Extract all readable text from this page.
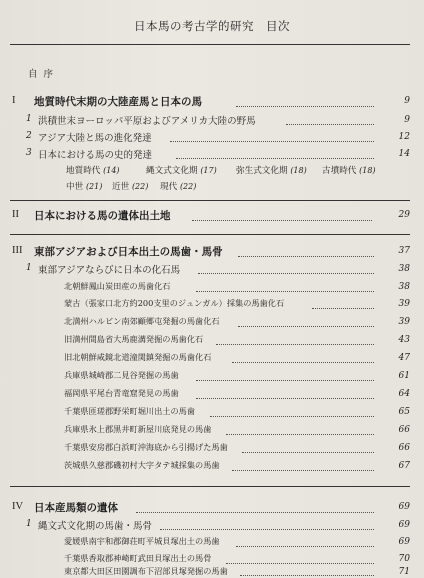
日本馬の考古学的研究　目次
自序
I 地質時代末期の大陸産馬と日本の馬	9
1 洪積世末ヨーロッパ平原およびアメリカ大陸の野馬	9
2 アジア大陸と馬の進化発達	12
3 日本における馬の史的発達	14
地質時代 (14)	縄文式文化期 (17) 弥生式文化期 (18) 古墳時代 (18)
中世 (21) 近世 (22) 現代 (22)
II 日本における馬の遺体出土地	29
III 東部アジアおよび日本出土の馬歯・馬骨	37
1 東部アジアならびに日本の化石馬	38
北朝鮮鳳山炭田産の馬歯化石	38
蒙古（張家口北方約200支里のジュンガル）採集の馬歯化石	39
北満州ハルビン南郊顧郷屯発掘の馬歯化石	39
旧満州間島省大馬鹿溝発掘の馬歯化石	43
旧北朝鮮咸鏡北道潼関鎮発掘の馬歯化石	47
兵庫県城崎郡二見谷発掘の馬歯	61
福岡県平尾台青竜窟発見の馬歯	64
千葉県匝瑳郡野栄町堀川出土の馬歯	65
兵庫県氷上郡黒井町新屋川底発見の馬歯	66
千葉県安房郡白浜町沖海底から引揚げた馬歯	66
茨城県久慈郡磯初村大字タテ城採集の馬歯	67
IV 日本産馬類の遺体	69
1 縄文式文化期の馬歯・馬骨	69
愛媛県南宇和郡御荘町平城貝塚出土の馬歯	69
千葉県香取郡神崎町武田貝塚出土の馬骨	70
東京都大田区田園調布下沼部貝塚発掘の馬歯	71
